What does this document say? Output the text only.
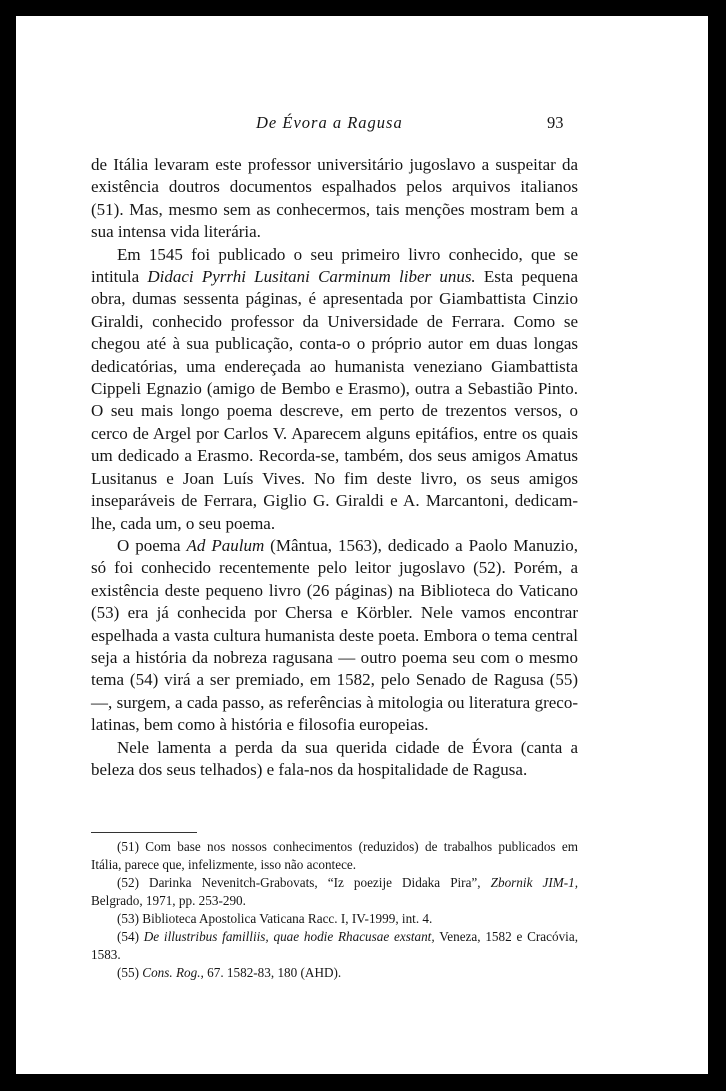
De Évora a Ragusa	93

de Itália levaram este professor universitário jugoslavo a suspeitar da existência doutros documentos espalhados pelos arquivos italianos (51). Mas, mesmo sem as conhecermos, tais menções mostram bem a sua intensa vida literária.

Em 1545 foi publicado o seu primeiro livro conhecido, que se intitula Didaci Pyrrhi Lusitani Carminum liber unus. Esta pequena obra, dumas sessenta páginas, é apresentada por Giambattista Cinzio Giraldi, conhecido professor da Universidade de Ferrara. Como se chegou até à sua publicação, conta-o o próprio autor em duas longas dedicatórias, uma endereçada ao humanista veneziano Giambattista Cippeli Egnazio (amigo de Bembo e Erasmo), outra a Sebastião Pinto. O seu mais longo poema descreve, em perto de trezentos versos, o cerco de Argel por Carlos V. Aparecem alguns epitáfios, entre os quais um dedicado a Erasmo. Recorda-se, também, dos seus amigos Amatus Lusitanus e Joan Luís Vives. No fim deste livro, os seus amigos inseparáveis de Ferrara, Giglio G. Giraldi e A. Marcantoni, dedicam-lhe, cada um, o seu poema.

O poema Ad Paulum (Mântua, 1563), dedicado a Paolo Manuzio, só foi conhecido recentemente pelo leitor jugoslavo (52). Porém, a existência deste pequeno livro (26 páginas) na Biblioteca do Vaticano (53) era já conhecida por Chersa e Körbler. Nele vamos encontrar espelhada a vasta cultura humanista deste poeta. Embora o tema central seja a história da nobreza ragusana — outro poema seu com o mesmo tema (54) virá a ser premiado, em 1582, pelo Senado de Ragusa (55) —, surgem, a cada passo, as referências à mitologia ou literatura greco-latinas, bem como à história e filosofia europeias.

Nele lamenta a perda da sua querida cidade de Évora (canta a beleza dos seus telhados) e fala-nos da hospitalidade de Ragusa.

(51) Com base nos nossos conhecimentos (reduzidos) de trabalhos publicados em Itália, parece que, infelizmente, isso não acontece.

(52) Darinka Nevenitch-Grabovats, “Iz poezije Didaka Pira”, Zbornik JIM-1, Belgrado, 1971, pp. 253-290.

(53) Biblioteca Apostolica Vaticana Racc. I, IV-1999, int. 4.

(54) De illustribus familliis, quae hodie Rhacusae exstant, Veneza, 1582 e Cracóvia, 1583.

(55) Cons. Rog., 67. 1582-83, 180 (AHD).
